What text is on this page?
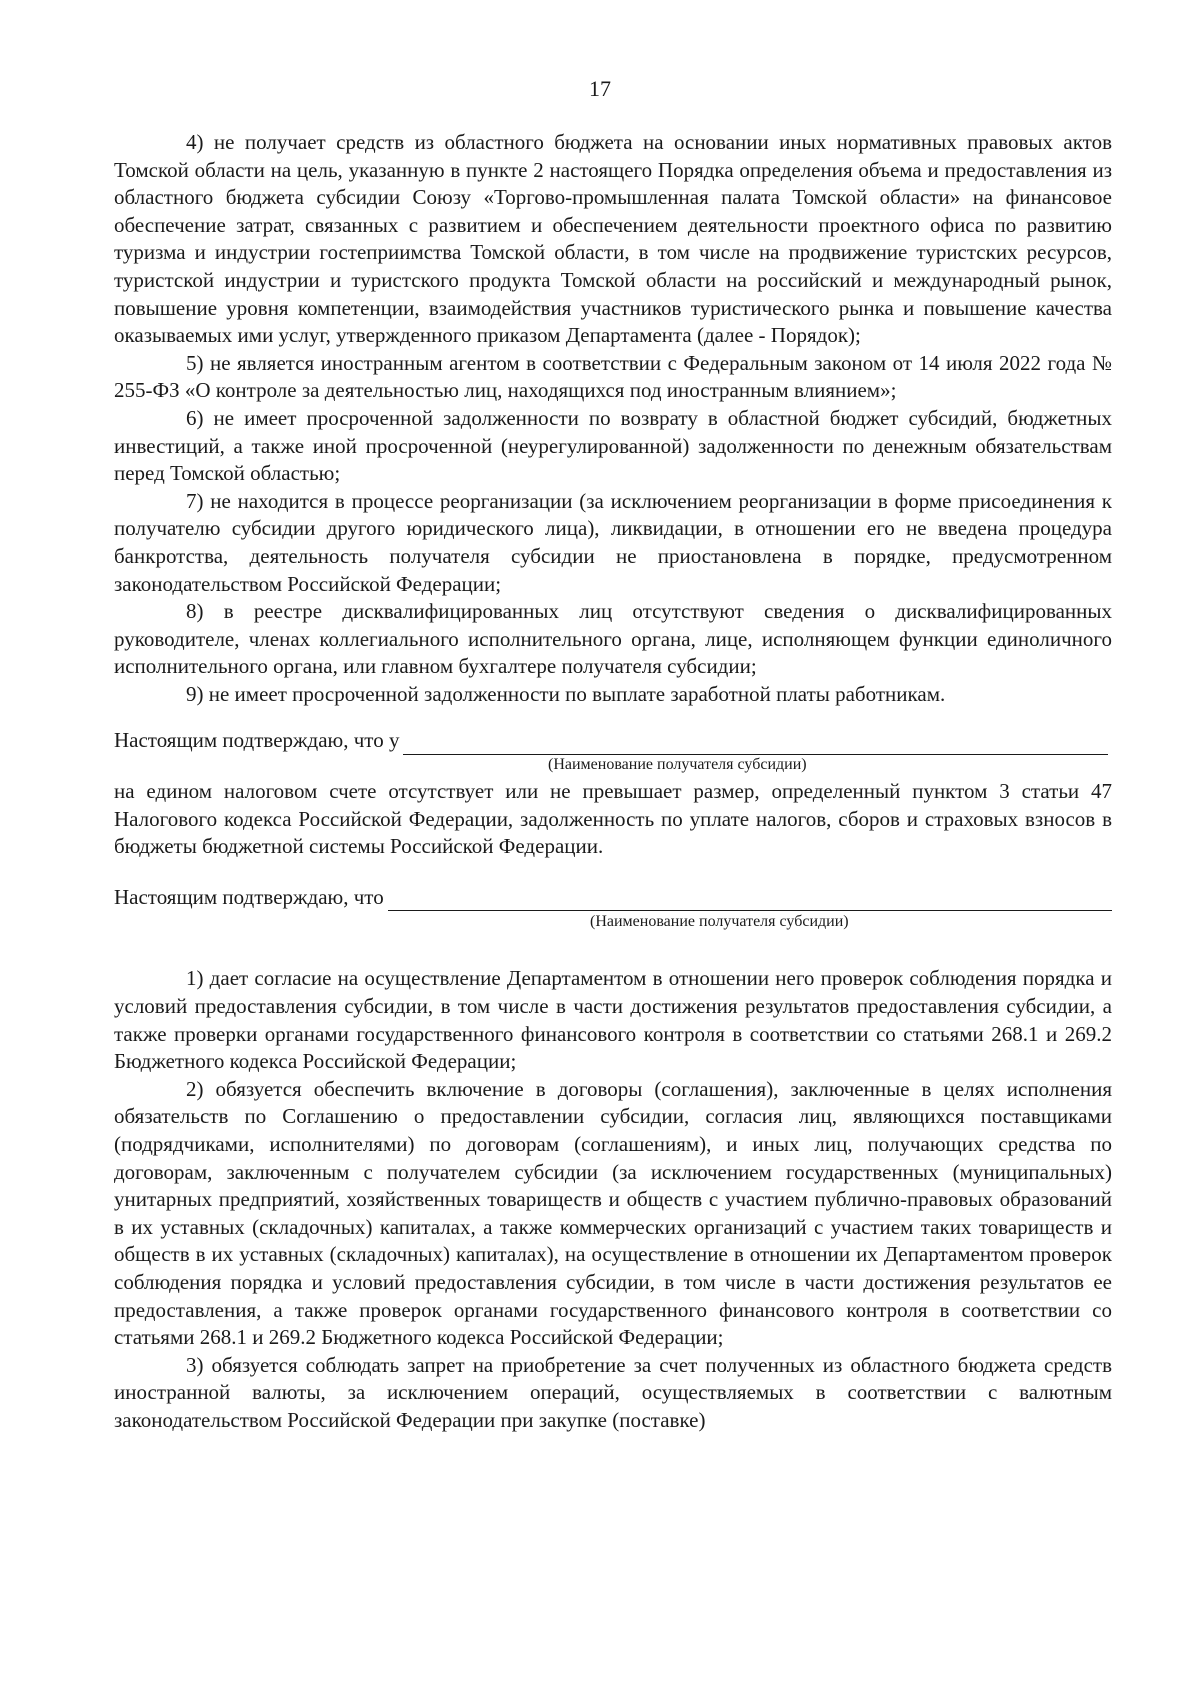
17

4) не получает средств из областного бюджета на основании иных нормативных правовых актов Томской области на цель, указанную в пункте 2 настоящего Порядка определения объема и предоставления из областного бюджета субсидии Союзу «Торгово-промышленная палата Томской области» на финансовое обеспечение затрат, связанных с развитием и обеспечением деятельности проектного офиса по развитию туризма и индустрии гостеприимства Томской области, в том числе на продвижение туристских ресурсов, туристской индустрии и туристского продукта Томской области на российский и международный рынок, повышение уровня компетенции, взаимодействия участников туристического рынка и повышение качества оказываемых ими услуг, утвержденного приказом Департамента (далее - Порядок);

5) не является иностранным агентом в соответствии с Федеральным законом от 14 июля 2022 года № 255-ФЗ «О контроле за деятельностью лиц, находящихся под иностранным влиянием»;

6) не имеет просроченной задолженности по возврату в областной бюджет субсидий, бюджетных инвестиций, а также иной просроченной (неурегулированной) задолженности по денежным обязательствам перед Томской областью;

7) не находится в процессе реорганизации (за исключением реорганизации в форме присоединения к получателю субсидии другого юридического лица), ликвидации, в отношении его не введена процедура банкротства, деятельность получателя субсидии не приостановлена в порядке, предусмотренном законодательством Российской Федерации;

8) в реестре дисквалифицированных лиц отсутствуют сведения о дисквалифицированных руководителе, членах коллегиального исполнительного органа, лице, исполняющем функции единоличного исполнительного органа, или главном бухгалтере получателя субсидии;

9) не имеет просроченной задолженности по выплате заработной платы работникам.

Настоящим подтверждаю, что у
(Наименование получателя субсидии)

на едином налоговом счете отсутствует или не превышает размер, определенный пунктом 3 статьи 47 Налогового кодекса Российской Федерации, задолженность по уплате налогов, сборов и страховых взносов в бюджеты бюджетной системы Российской Федерации.

Настоящим подтверждаю, что
(Наименование получателя субсидии)

1) дает согласие на осуществление Департаментом в отношении него проверок соблюдения порядка и условий предоставления субсидии, в том числе в части достижения результатов предоставления субсидии, а также проверки органами государственного финансового контроля в соответствии со статьями 268.1 и 269.2 Бюджетного кодекса Российской Федерации;

2) обязуется обеспечить включение в договоры (соглашения), заключенные в целях исполнения обязательств по Соглашению о предоставлении субсидии, согласия лиц, являющихся поставщиками (подрядчиками, исполнителями) по договорам (соглашениям), и иных лиц, получающих средства по договорам, заключенным с получателем субсидии (за исключением государственных (муниципальных) унитарных предприятий, хозяйственных товариществ и обществ с участием публично-правовых образований в их уставных (складочных) капиталах, а также коммерческих организаций с участием таких товариществ и обществ в их уставных (складочных) капиталах), на осуществление в отношении их Департаментом проверок соблюдения порядка и условий предоставления субсидии, в том числе в части достижения результатов ее предоставления, а также проверок органами государственного финансового контроля в соответствии со статьями 268.1 и 269.2 Бюджетного кодекса Российской Федерации;

3) обязуется соблюдать запрет на приобретение за счет полученных из областного бюджета средств иностранной валюты, за исключением операций, осуществляемых в соответствии с валютным законодательством Российской Федерации при закупке (поставке)
